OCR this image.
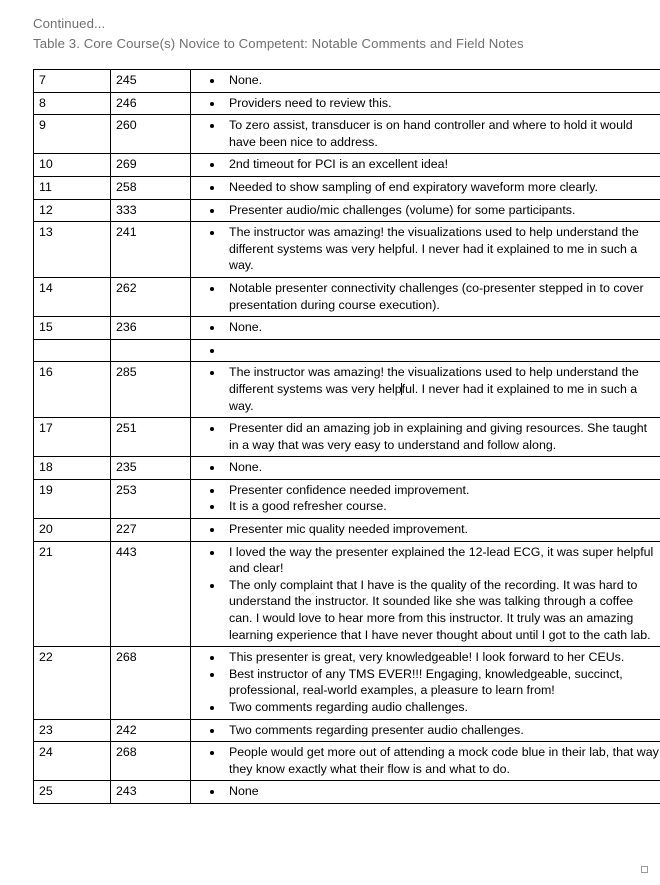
Continued...
Table 3. Core Course(s) Novice to Competent: Notable Comments and Field Notes
7	245	None.

8	246	Providers need to review this.

9	260	To zero assist, transducer is on hand controller and where to hold it would have been nice to address.

10	269	2nd timeout for PCI is an excellent idea!

11	258	Needed to show sampling of end expiratory waveform more clearly.

12	333	Presenter audio/mic challenges (volume) for some participants.

13	241	The instructor was amazing! the visualizations used to help understand the different systems was very helpful. I never had it explained to me in such a way.

14	262	Notable presenter connectivity challenges (co-presenter stepped in to cover presentation during course execution).

15	236	None.

16	285	The instructor was amazing! the visualizations used to help understand the different systems was very helpful. I never had it explained to me in such a way.

17	251	Presenter did an amazing job in explaining and giving resources. She taught in a way that was very easy to understand and follow along.

18	235	None.

19	253	Presenter confidence needed improvement.
It is a good refresher course.

20	227	Presenter mic quality needed improvement.

21	443	I loved the way the presenter explained the 12-lead ECG, it was super helpful and clear!
The only complaint that I have is the quality of the recording. It was hard to understand the instructor. It sounded like she was talking through a coffee can. I would love to hear more from this instructor. It truly was an amazing learning experience that I have never thought about until I got to the cath lab.

22	268	This presenter is great, very knowledgeable! I look forward to her CEUs.
Best instructor of any TMS EVER!!! Engaging, knowledgeable, succinct, professional, real-world examples, a pleasure to learn from!
Two comments regarding audio challenges.

23	242	Two comments regarding presenter audio challenges.

24	268	People would get more out of attending a mock code blue in their lab, that way they know exactly what their flow is and what to do.

25	243	None
